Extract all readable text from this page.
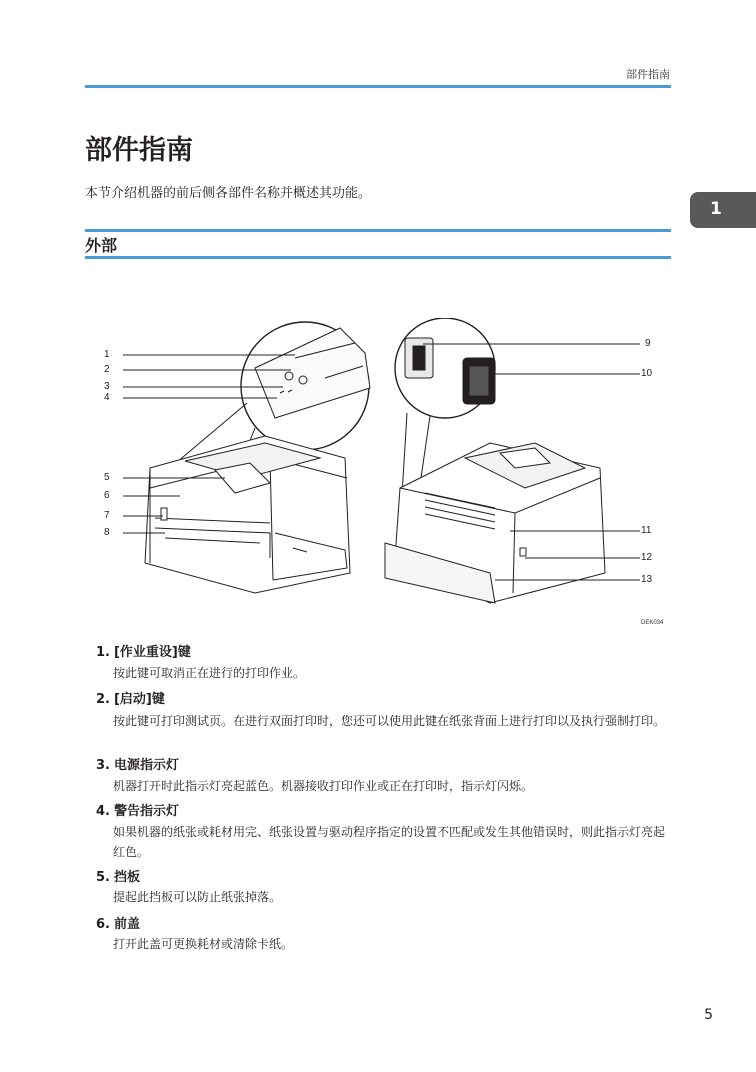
部件指南
部件指南

本节介绍机器的前后侧各部件名称并概述其功能。

1
外部
1
2
3
4
5
6
7
8
9
10
11
12
13
DEK034
1. [作业重设]键

按此键可取消正在进行的打印作业。

2. [启动]键

按此键可打印测试页。在进行双面打印时，您还可以使用此键在纸张背面上进行打印以及执行强制打印。

3. 电源指示灯

机器打开时此指示灯亮起蓝色。机器接收打印作业或正在打印时，指示灯闪烁。

4. 警告指示灯

如果机器的纸张或耗材用完、纸张设置与驱动程序指定的设置不匹配或发生其他错误时，则此指示灯亮起红色。

5. 挡板

提起此挡板可以防止纸张掉落。

6. 前盖

打开此盖可更换耗材或清除卡纸。

5
